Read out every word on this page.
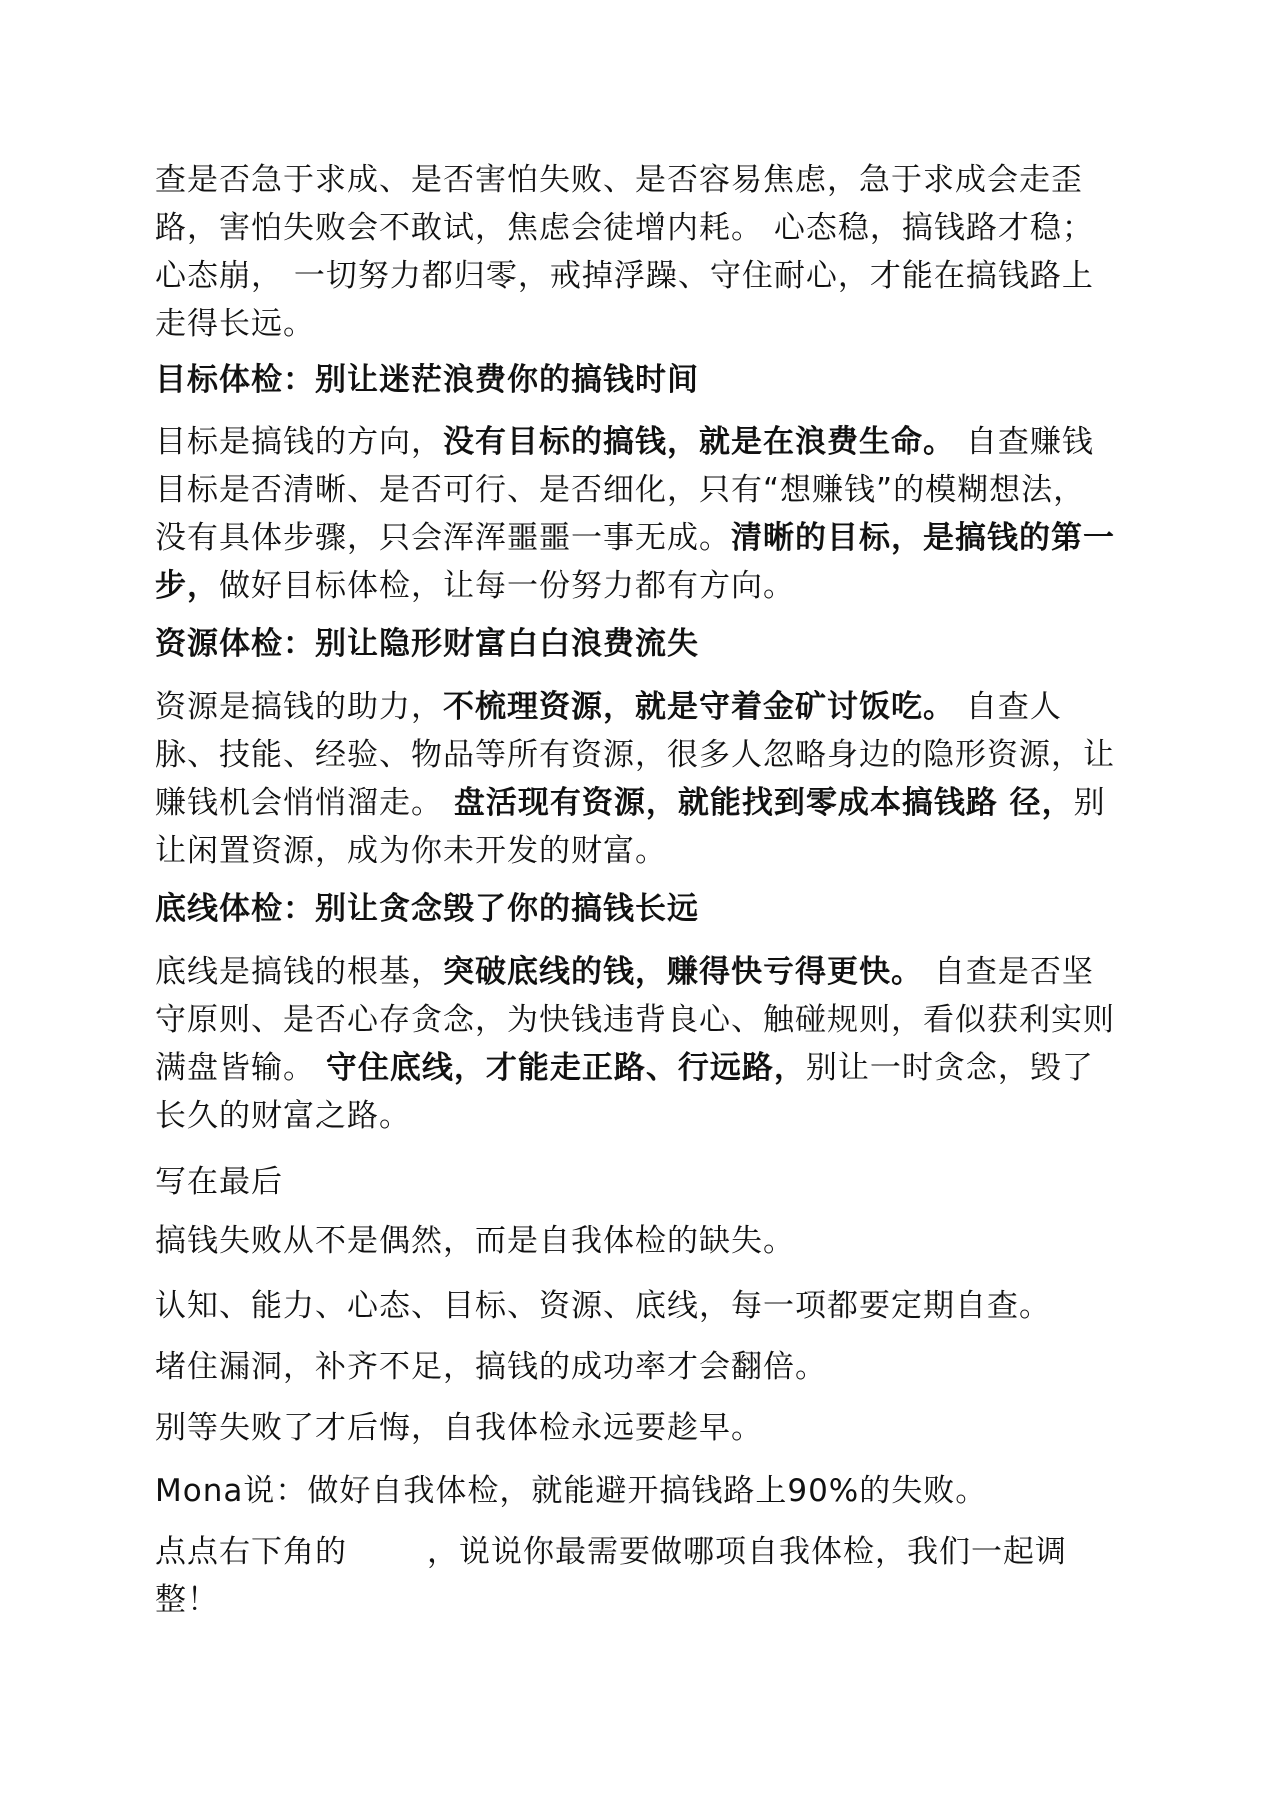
查是否急于求成、是否害怕失败、是否容易焦虑，急于求成会走歪路，害怕失败会不敢试，焦虑会徒增内耗。 心态稳，搞钱路才稳；心态崩， 一切努力都归零，戒掉浮躁、守住耐心，才能在搞钱路上走得长远。
目标体检：别让迷茫浪费你的搞钱时间
目标是搞钱的方向，没有目标的搞钱，就是在浪费生命。 自查赚钱目标是否清晰、是否可行、是否细化，只有“想赚钱”的模糊想法，没有具体步骤，只会浑浑噩噩一事无成。清晰的目标，是搞钱的第一 步，做好目标体检，让每一份努力都有方向。
资源体检：别让隐形财富白白浪费流失
资源是搞钱的助力，不梳理资源，就是守着金矿讨饭吃。 自查人脉、技能、经验、物品等所有资源，很多人忽略身边的隐形资源，让赚钱机会悄悄溜走。 盘活现有资源，就能找到零成本搞钱路 径，别让闲置资源，成为你未开发的财富。
底线体检：别让贪念毁了你的搞钱长远
底线是搞钱的根基，突破底线的钱，赚得快亏得更快。 自查是否坚守原则、是否心存贪念，为快钱违背良心、触碰规则，看似获利实则满盘皆输。 守住底线，才能走正路、行远路，别让一时贪念，毁了长久的财富之路。
写在最后
搞钱失败从不是偶然，而是自我体检的缺失。
认知、能力、心态、目标、资源、底线，每一项都要定期自查。
堵住漏洞，补齐不足，搞钱的成功率才会翻倍。
别等失败了才后悔，自我体检永远要趁早。
Mona说：做好自我体检，就能避开搞钱路上90%的失败。
点点右下角的	，说说你最需要做哪项自我体检，我们一起调整！
